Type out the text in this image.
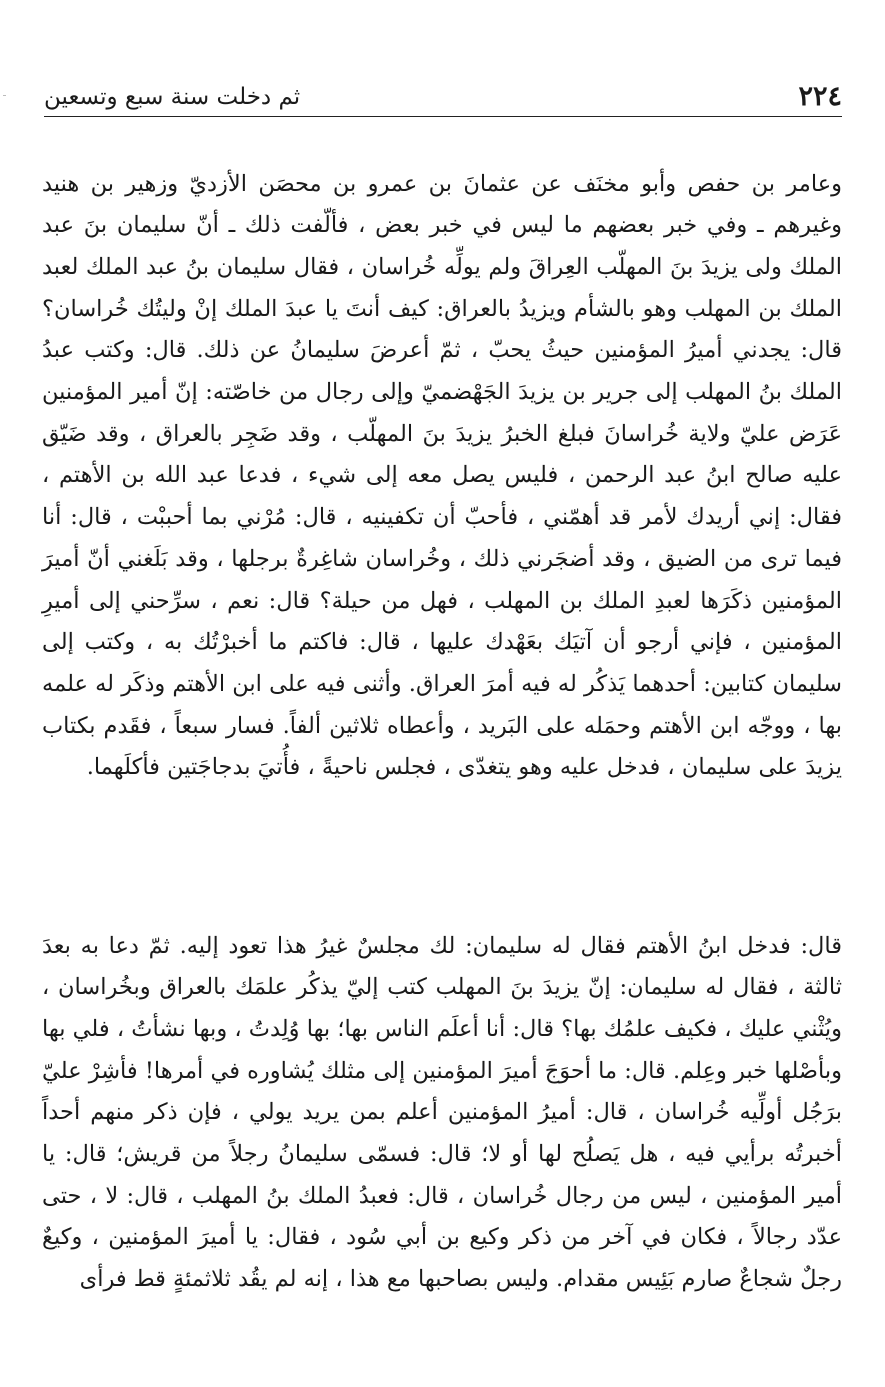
٢٢٤
ثم دخلت سنة سبع وتسعين

وعامر بن حفص وأبو مخنَف عن عثمانَ بن عمرو بن محصَن الأزديّ وزهير بن هنيد وغيرهم ـ وفي خبر بعضهم ما ليس في خبر بعض ، فألّفت ذلك ـ أنّ سليمان بنَ عبد الملك ولى يزيدَ بنَ المهلّب العِراقَ ولم يولِّه خُراسان ، فقال سليمان بنُ عبد الملك لعبد الملك بن المهلب وهو بالشأم ويزيدُ بالعراق: كيف أنتَ يا عبدَ الملك إنْ وليتُك خُراسان؟ قال: يجدني أميرُ المؤمنين حيثُ يحبّ ، ثمّ أعرضَ سليمانُ عن ذلك. قال: وكتب عبدُ الملك بنُ المهلب إلى جرير بن يزيدَ الجَهْضميّ وإلى رجال من خاصّته: إنّ أمير المؤمنين عَرَض عليّ ولاية خُراسانَ فبلغ الخبرُ يزيدَ بنَ المهلّب ، وقد ضَجِر بالعراق ، وقد ضَيّق عليه صالح ابنُ عبد الرحمن ، فليس يصل معه إلى شيء ، فدعا عبد الله بن الأهتم ، فقال: إني أريدك لأمر قد أهمّني ، فأحبّ أن تكفينيه ، قال: مُرْني بما أحببْت ، قال: أنا فيما ترى من الضيق ، وقد أضجَرني ذلك ، وخُراسان شاغِرةٌ برجلها ، وقد بَلَغني أنّ أميرَ المؤمنين ذكَرَها لعبدِ الملك بن المهلب ، فهل من حيلة؟ قال: نعم ، سرِّحني إلى أميرِ المؤمنين ، فإني أرجو أن آتيَك بعَهْدك عليها ، قال: فاكتم ما أخبرْتُك به ، وكتب إلى سليمان كتابين: أحدهما يَذكُر له فيه أمرَ العراق. وأثنى فيه على ابن الأهتم وذكَر له علمه بها ، ووجّه ابن الأهتم وحمَله على البَريد ، وأعطاه ثلاثين ألفاً. فسار سبعاً ، فقَدم بكتاب يزيدَ على سليمان ، فدخل عليه وهو يتغدّى ، فجلس ناحيةً ، فأُتيَ بدجاجَتين فأكلَهما.

قال: فدخل ابنُ الأهتم فقال له سليمان: لك مجلسٌ غيرُ هذا تعود إليه. ثمّ دعا به بعدَ ثالثة ، فقال له سليمان: إنّ يزيدَ بنَ المهلب كتب إليّ يذكُر علمَك بالعراق وبخُراسان ، ويُثْني عليك ، فكيف علمُك بها؟ قال: أنا أعلَم الناس بها؛ بها وُلِدتُ ، وبها نشأتُ ، فلي بها وبأصْلها خبر وعِلم. قال: ما أحوَجَ أميرَ المؤمنين إلى مثلك يُشاوره في أمرها! فأشِرْ عليّ برَجُل أولِّيه خُراسان ، قال: أميرُ المؤمنين أعلم بمن يريد يولي ، فإن ذكر منهم أحداً أخبرتُه برأيي فيه ، هل يَصلُح لها أو لا؛ قال: فسمّى سليمانُ رجلاً من قريش؛ قال: يا أمير المؤمنين ، ليس من رجال خُراسان ، قال: فعبدُ الملك بنُ المهلب ، قال: لا ، حتى عدّد رجالاً ، فكان في آخر من ذكر وكيع بن أبي سُود ، فقال: يا أميرَ المؤمنين ، وكيعٌ رجلٌ شجاعٌ صارم بَئِيس مقدام. وليس بصاحبها مع هذا ، إنه لم يقُد ثلاثمئةٍ قط فرأى
